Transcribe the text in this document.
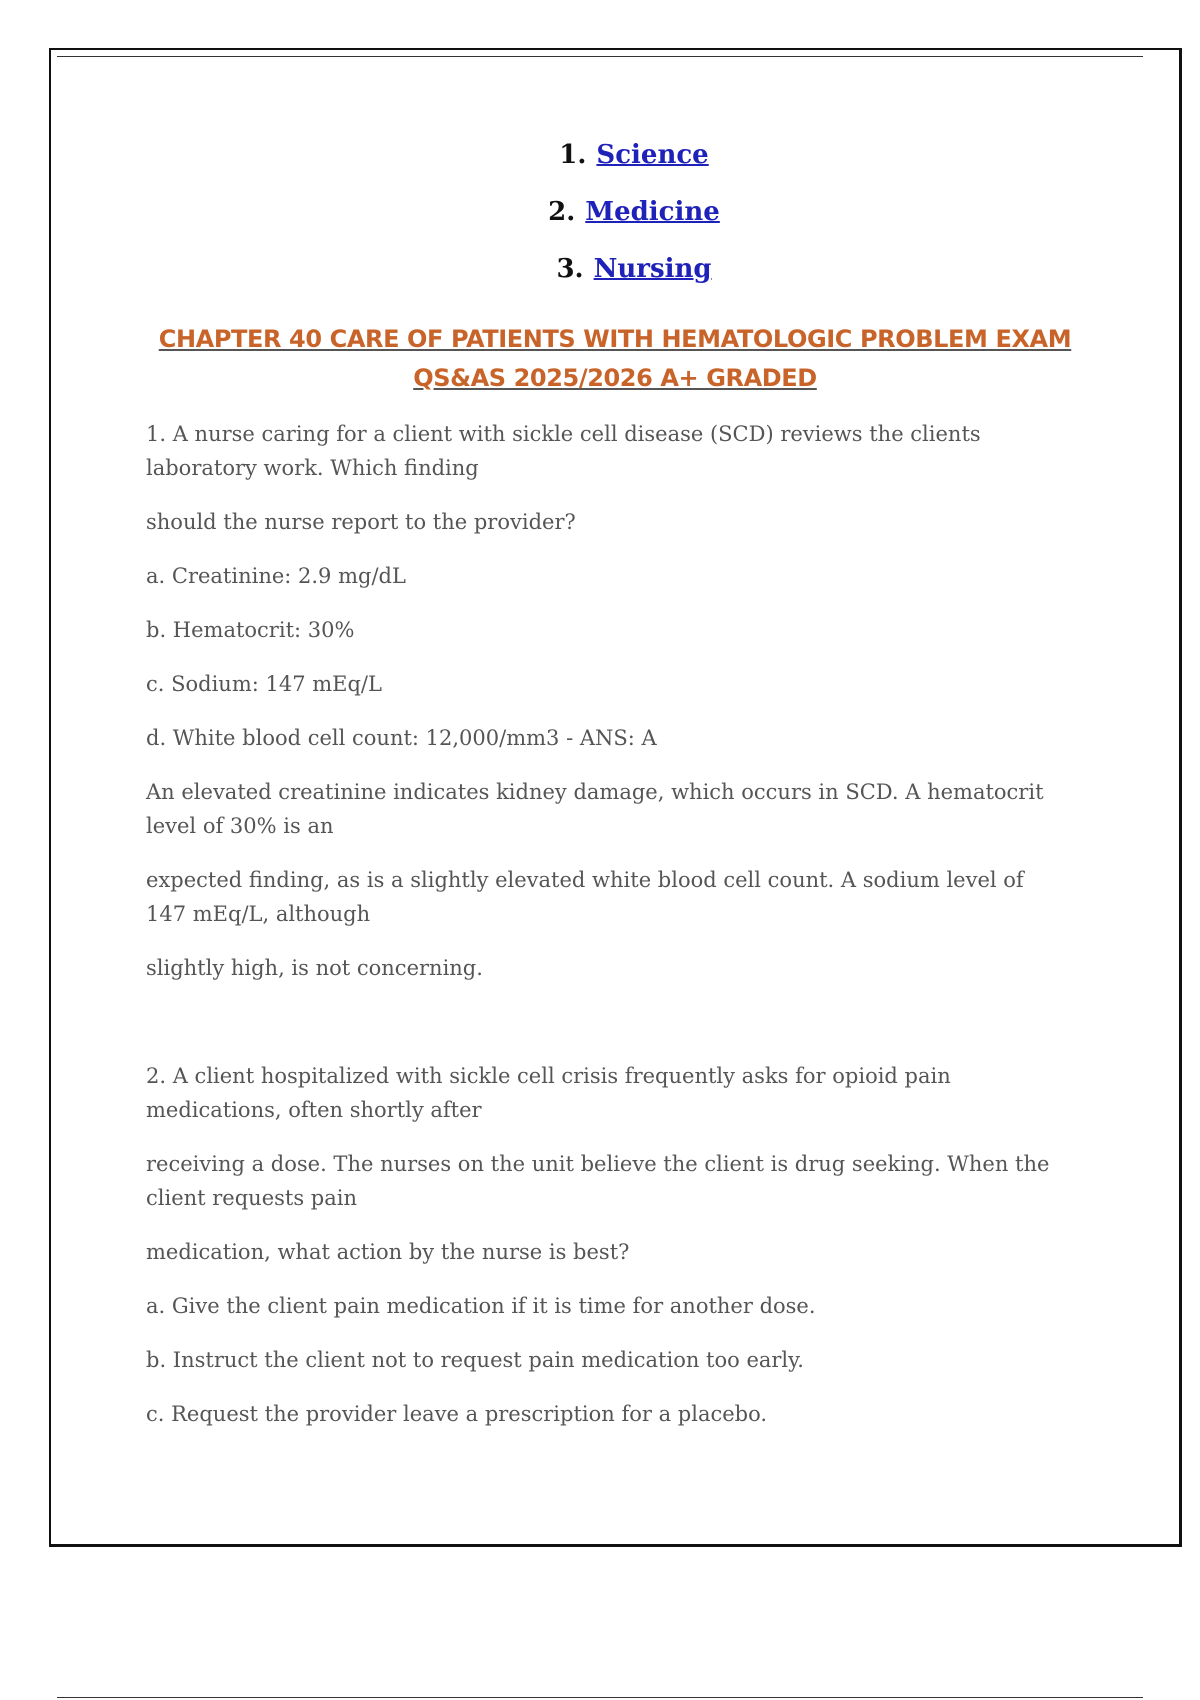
1. Science
2. Medicine
3. Nursing
CHAPTER 40 CARE OF PATIENTS WITH HEMATOLOGIC PROBLEM EXAM
QS&AS 2025/2026 A+ GRADED

1. A nurse caring for a client with sickle cell disease (SCD) reviews the clients
laboratory work. Which finding

should the nurse report to the provider?

a. Creatinine: 2.9 mg/dL

b. Hematocrit: 30%

c. Sodium: 147 mEq/L

d. White blood cell count: 12,000/mm3 - ANS: A

An elevated creatinine indicates kidney damage, which occurs in SCD. A hematocrit
level of 30% is an

expected finding, as is a slightly elevated white blood cell count. A sodium level of
147 mEq/L, although

slightly high, is not concerning.

2. A client hospitalized with sickle cell crisis frequently asks for opioid pain
medications, often shortly after

receiving a dose. The nurses on the unit believe the client is drug seeking. When the
client requests pain

medication, what action by the nurse is best?

a. Give the client pain medication if it is time for another dose.

b. Instruct the client not to request pain medication too early.

c. Request the provider leave a prescription for a placebo.
